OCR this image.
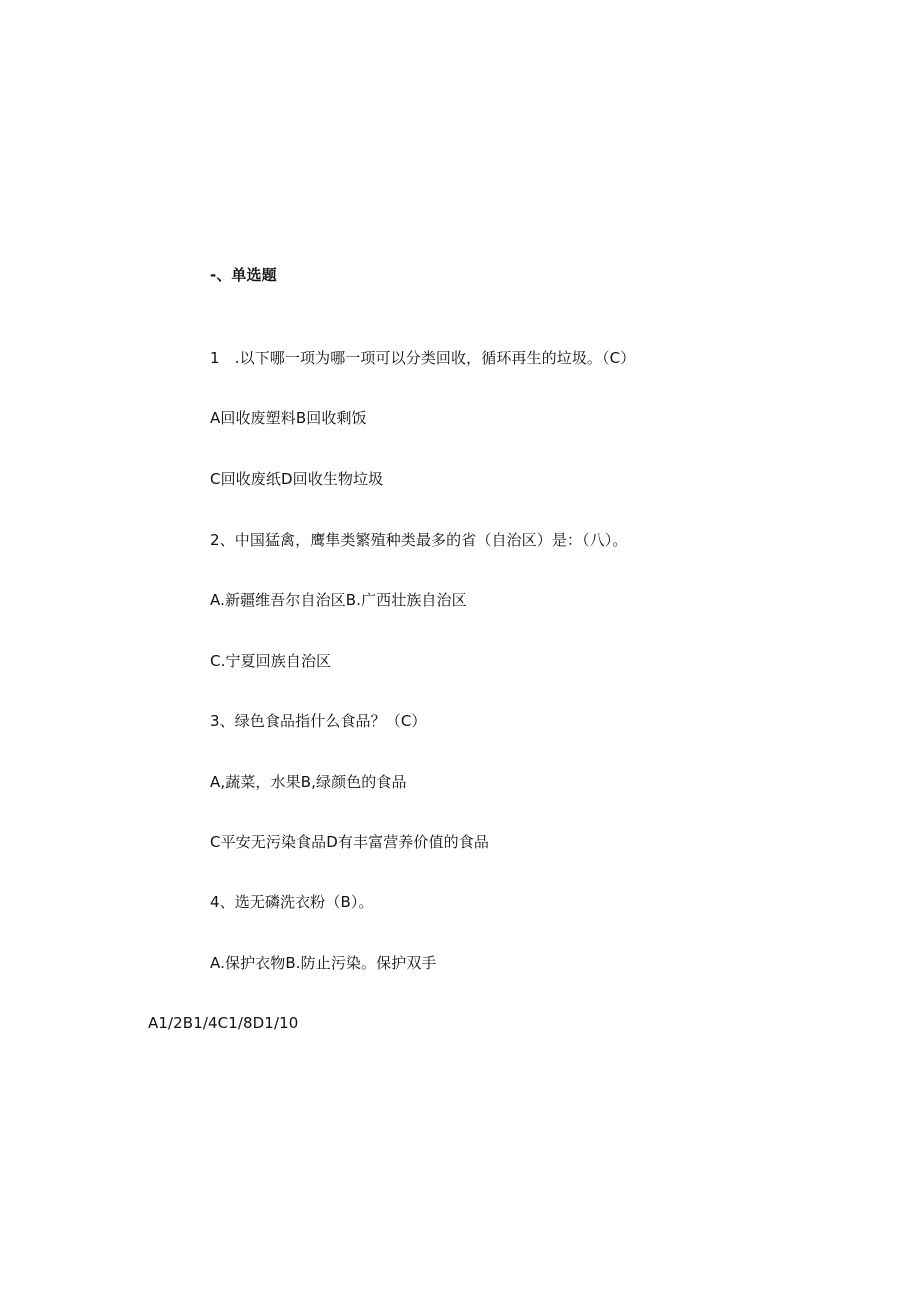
-、单选题
1　.以下哪一项为哪一项可以分类回收，循环再生的垃圾。（C）
A回收废塑料B回收剩饭
C回收废纸D回收生物垃圾
2、中国猛禽，鹰隼类繁殖种类最多的省（自治区）是：（八）。
A.新疆维吾尔自治区B.广西壮族自治区
C.宁夏回族自治区
3、绿色食品指什么食品？（C）
A,蔬菜，水果B,绿颜色的食品
C平安无污染食品D有丰富营养价值的食品
4、选无磷洗衣粉（B）。
A.保护衣物B.防止污染。保护双手
A1/2B1/4C1/8D1/10
